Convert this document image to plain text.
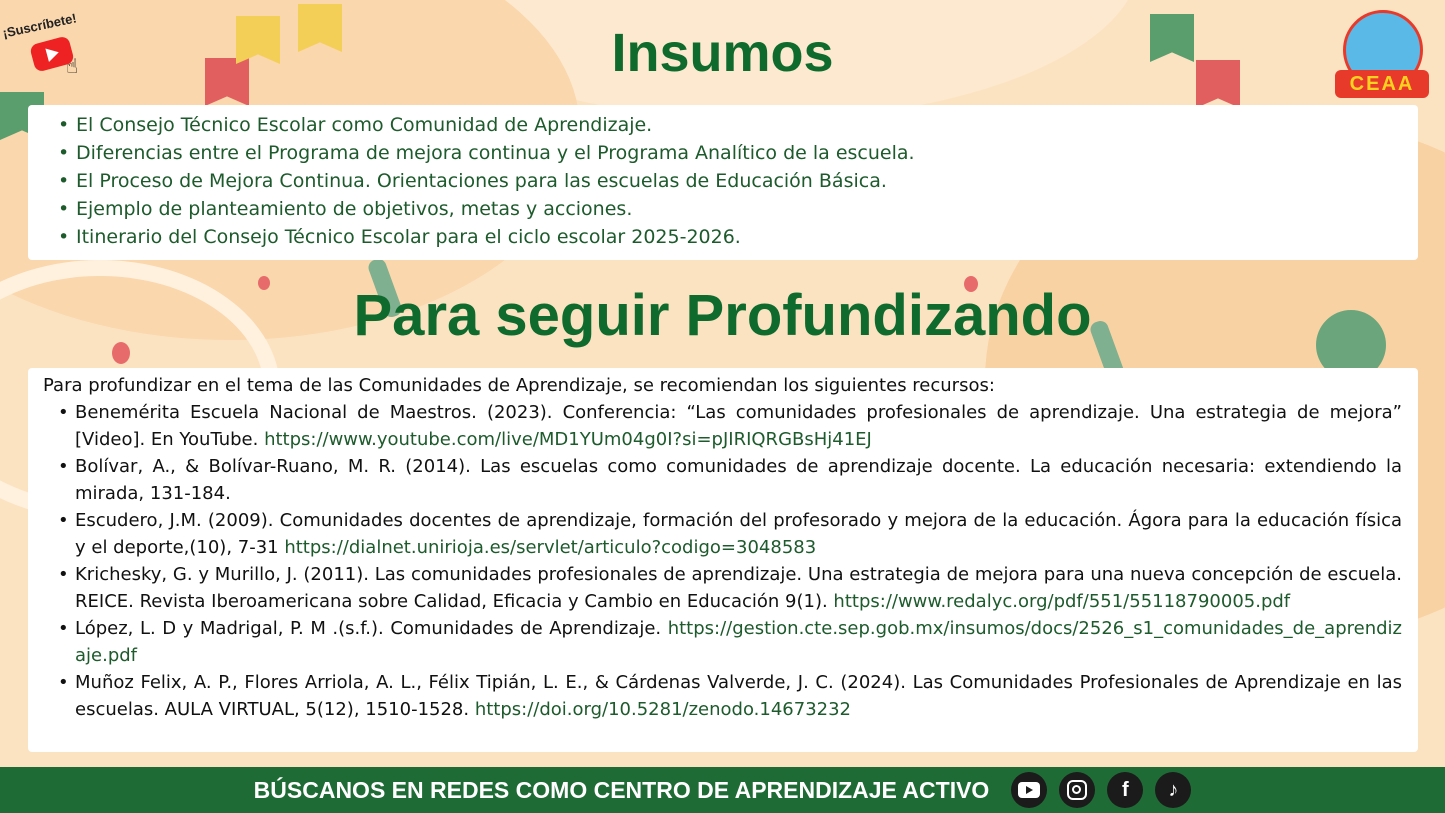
¡Suscríbete!
☝
CEAA
Insumos
• El Consejo Técnico Escolar como Comunidad de Aprendizaje.
• Diferencias entre el Programa de mejora continua y el Programa Analítico de la escuela.
• El Proceso de Mejora Continua. Orientaciones para las escuelas de Educación Básica.
• Ejemplo de planteamiento de objetivos, metas y acciones.
• Itinerario del Consejo Técnico Escolar para el ciclo escolar 2025-2026.
Para seguir Profundizando

Para profundizar en el tema de las Comunidades de Aprendizaje, se recomiendan los siguientes recursos:

• Benemérita Escuela Nacional de Maestros. (2023). Conferencia: “Las comunidades profesionales de aprendizaje. Una estrategia de mejora” [Video]. En YouTube. https://www.youtube.com/live/MD1YUm04g0I?si=pJIRIQRGBsHj41EJ
• Bolívar, A., & Bolívar-Ruano, M. R. (2014). Las escuelas como comunidades de aprendizaje docente. La educación necesaria: extendiendo la mirada, 131-184.
• Escudero, J.M. (2009). Comunidades docentes de aprendizaje, formación del profesorado y mejora de la educación. Ágora para la educación física y el deporte,(10), 7-31 https://dialnet.unirioja.es/servlet/articulo?codigo=3048583
• Krichesky, G. y Murillo, J. (2011). Las comunidades profesionales de aprendizaje. Una estrategia de mejora para una nueva concepción de escuela. REICE. Revista Iberoamericana sobre Calidad, Eficacia y Cambio en Educación 9(1). https://www.redalyc.org/pdf/551/55118790005.pdf
• López, L. D y Madrigal, P. M .(s.f.). Comunidades de Aprendizaje. https://gestion.cte.sep.gob.mx/insumos/docs/2526_s1_comunidades_de_aprendizaje.pdf
• Muñoz Felix, A. P., Flores Arriola, A. L., Félix Tipián, L. E., & Cárdenas Valverde, J. C. (2024). Las Comunidades Profesionales de Aprendizaje en las escuelas. AULA VIRTUAL, 5(12), 1510-1528. https://doi.org/10.5281/zenodo.14673232
BÚSCANOS EN REDES COMO CENTRO DE APRENDIZAJE ACTIVO	f	♪
